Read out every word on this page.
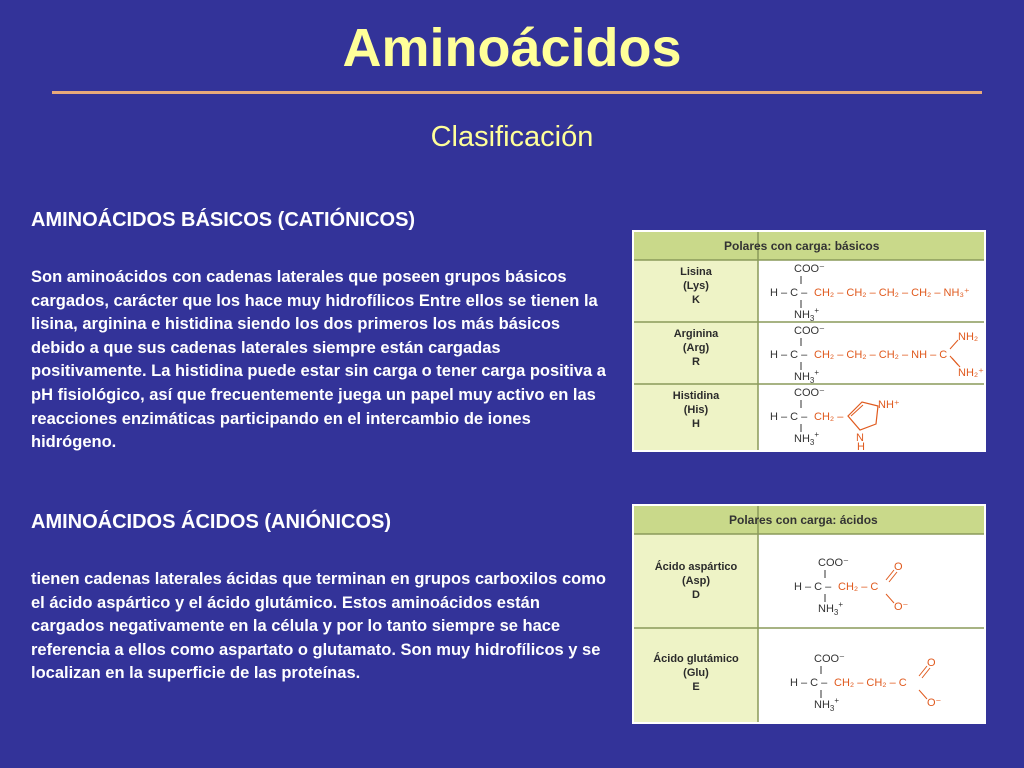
Aminoácidos
Clasificación
AMINOÁCIDOS BÁSICOS (CATIÓNICOS)
Son aminoácidos con cadenas laterales que poseen grupos básicos cargados, carácter que los hace muy hidrofílicos Entre ellos se tienen la lisina, arginina e histidina siendo los dos primeros los más básicos debido a que sus cadenas laterales siempre están cargadas positivamente. La histidina puede estar sin carga o tener carga positiva a pH fisiológico, así que frecuentemente juega un papel muy activo en las reacciones enzimáticas participando en el intercambio de iones hidrógeno.
AMINOÁCIDOS ÁCIDOS (ANIÓNICOS)
tienen cadenas laterales ácidas que terminan en grupos carboxilos como el ácido aspártico y el ácido glutámico. Estos aminoácidos están cargados negativamente en la célula y por lo tanto siempre se hace referencia a ellos como aspartato o glutamato. Son muy hidrofílicos y se localizan en la superficie de las proteínas.
Polares con carga: básicos
Lisina
(Lys)
K
COO⁻
H – C –
$NH_3^+$
CH₂ – CH₂ – CH₂ – CH₂ – NH₃⁺
Arginina
(Arg)
R
COO⁻
H – C –
$NH_3^+$
CH₂ – CH₂ – CH₂ – NH – C
NH₂
NH₂⁺
Histidina
(His)
H
COO⁻
H – C –
$NH_3^+$
CH₂ –
NH⁺
N
H
Polares con carga: ácidos
Ácido aspártico
(Asp)
D
COO⁻
H – C –
$NH_3^+$
CH₂ – C
O
O⁻
Ácido glutámico
(Glu)
E
COO⁻
H – C –
$NH_3^+$
CH₂ – CH₂ – C
O
O⁻
